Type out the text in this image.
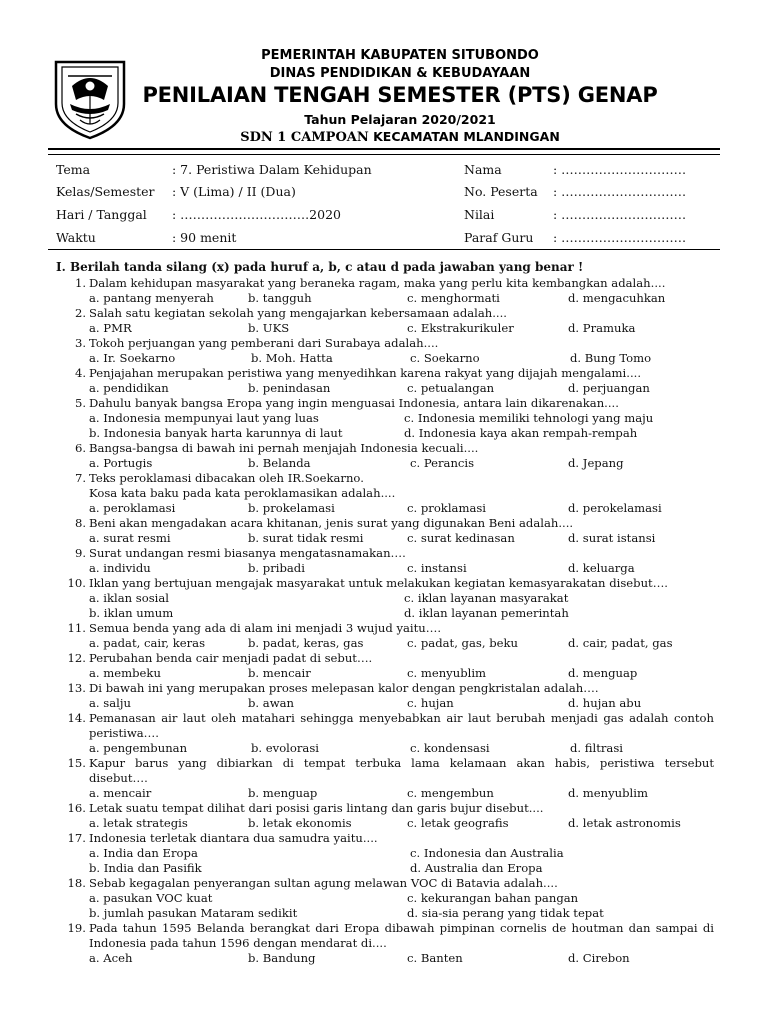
PEMERINTAH KABUPATEN SITUBONDO
DINAS PENDIDIKAN & KEBUDAYAAN
PENILAIAN TENGAH SEMESTER (PTS) GENAP
Tahun Pelajaran 2020/2021
SDN 1 CAMPOAN KECAMATAN MLANDINGAN
Tema	: 7. Peristiwa Dalam Kehidupan	Nama	: …………………………
Kelas/Semester : V (Lima) / II (Dua)	No. Peserta : …………………………
Hari / Tanggal : ………………………….2020	Nilai	: …………………………
Waktu	: 90 menit	Paraf Guru : …………………………
I. Berilah tanda silang (x) pada huruf a, b, c atau d pada jawaban yang benar !
1. Dalam kehidupan masyarakat yang beraneka ragam, maka yang perlu kita kembangkan adalah....
a. pantang menyerah	b. tangguh	c. menghormati	d. mengacuhkan
2. Salah satu kegiatan sekolah yang mengajarkan kebersamaan adalah....
a. PMR	b. UKS	c. Ekstrakurikuler	d. Pramuka
3. Tokoh perjuangan yang pemberani dari Surabaya adalah....
a. Ir. Soekarno	b. Moh. Hatta	c. Soekarno	d. Bung Tomo
4. Penjajahan merupakan peristiwa yang menyedihkan karena rakyat yang dijajah mengalami....
a. pendidikan	b. penindasan	c. petualangan	d. perjuangan
5. Dahulu banyak bangsa Eropa yang ingin menguasai Indonesia, antara lain dikarenakan....
a. Indonesia mempunyai laut yang luas	c. Indonesia memiliki tehnologi yang maju
b. Indonesia banyak harta karunnya di laut	d. Indonesia kaya akan rempah-rempah
6. Bangsa-bangsa di bawah ini pernah menjajah Indonesia kecuali....
a. Portugis	b. Belanda	c. Perancis	d. Jepang
7. Teks peroklamasi dibacakan oleh IR.Soekarno.
Kosa kata baku pada kata peroklamasikan adalah....
a. peroklamasi	b. prokelamasi	c. proklamasi	d. perokelamasi
8. Beni akan mengadakan acara khitanan, jenis surat yang digunakan Beni adalah....
a. surat resmi	b. surat tidak resmi	c. surat kedinasan	d. surat istansi
9. Surat undangan resmi biasanya mengatasnamakan….
a. individu	b. pribadi	c. instansi	d. keluarga
10. Iklan yang bertujuan mengajak masyarakat untuk melakukan kegiatan kemasyarakatan disebut….
a. iklan sosial	c. iklan layanan masyarakat
b. iklan umum	d. iklan layanan pemerintah
11. Semua benda yang ada di alam ini menjadi 3 wujud yaitu….
a. padat, cair, keras	b. padat, keras, gas	c. padat, gas, beku	d. cair, padat, gas
12. Perubahan benda cair menjadi padat di sebut….
a. membeku	b. mencair	c. menyublim	d. menguap
13. Di bawah ini yang merupakan proses melepasan kalor dengan pengkristalan adalah….
a. salju	b. awan	c. hujan	d. hujan abu
14. Pemanasan air laut oleh matahari sehingga menyebabkan air laut berubah menjadi gas adalah contoh
peristiwa….
a. pengembunan	b. evolorasi	c. kondensasi	d. filtrasi
15. Kapur barus yang dibiarkan di tempat terbuka lama kelamaan akan habis, peristiwa tersebut
disebut….
a. mencair	b. menguap	c. mengembun	d. menyublim
16. Letak suatu tempat dilihat dari posisi garis lintang dan garis bujur disebut....
a. letak strategis	b. letak ekonomis	c. letak geografis	d. letak astronomis
17. Indonesia terletak diantara dua samudra yaitu....
a. India dan Eropa	c. Indonesia dan Australia
b. India dan Pasifik	d. Australia dan Eropa
18. Sebab kegagalan penyerangan sultan agung melawan VOC di Batavia adalah....
a. pasukan VOC kuat	c. kekurangan bahan pangan
b. jumlah pasukan Mataram sedikit	d. sia-sia perang yang tidak tepat
19. Pada tahun 1595 Belanda berangkat dari Eropa dibawah pimpinan cornelis de houtman dan sampai di
Indonesia pada tahun 1596 dengan mendarat di....
a. Aceh	b. Bandung	c. Banten	d. Cirebon
